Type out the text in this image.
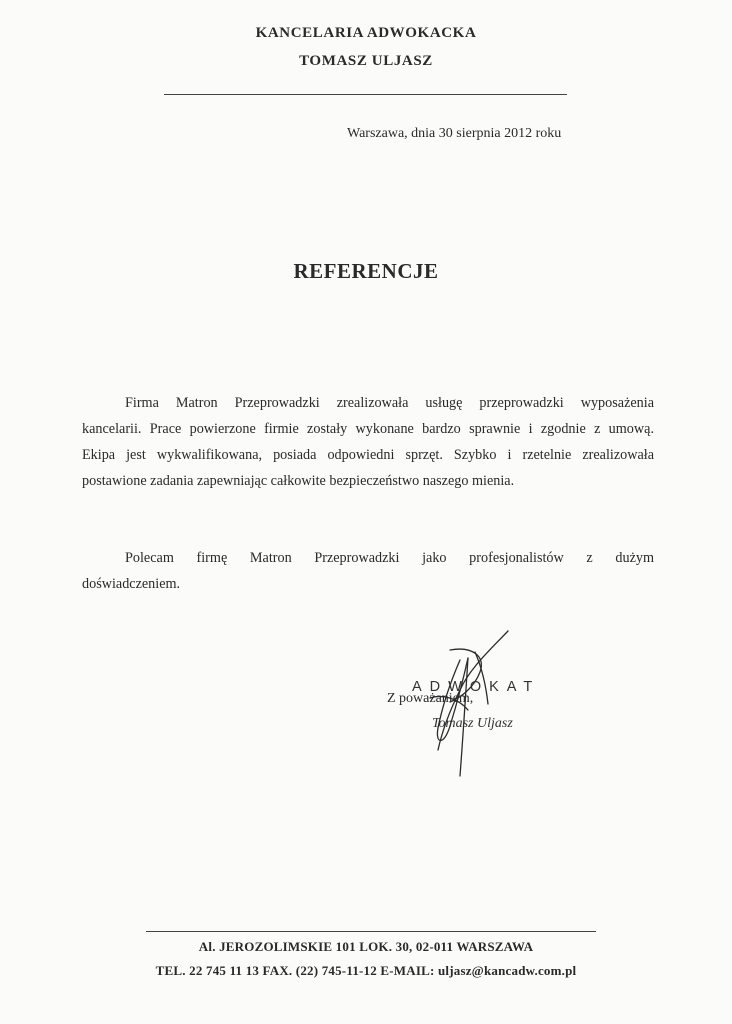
KANCELARIA ADWOKACKA
TOMASZ ULJASZ
Warszawa, dnia 30 sierpnia 2012 roku
REFERENCJE
Firma Matron Przeprowadzki zrealizowała usługę przeprowadzki wyposażenia
kancelarii. Prace powierzone firmie zostały wykonane bardzo sprawnie i zgodnie z umową.
Ekipa jest wykwalifikowana, posiada odpowiedni sprzęt. Szybko i rzetelnie zrealizowała
postawione zadania zapewniając całkowite bezpieczeństwo naszego mienia.
Polecam firmę Matron Przeprowadzki jako profesjonalistów z dużym
doświadczeniem.
Z poważaniem,
ADWOKAT
Tomasz Uljasz
Al. JEROZOLIMSKIE 101 LOK. 30, 02-011 WARSZAWA
TEL. 22 745 11 13 FAX. (22) 745-11-12 E-MAIL: uljasz@kancadw.com.pl
